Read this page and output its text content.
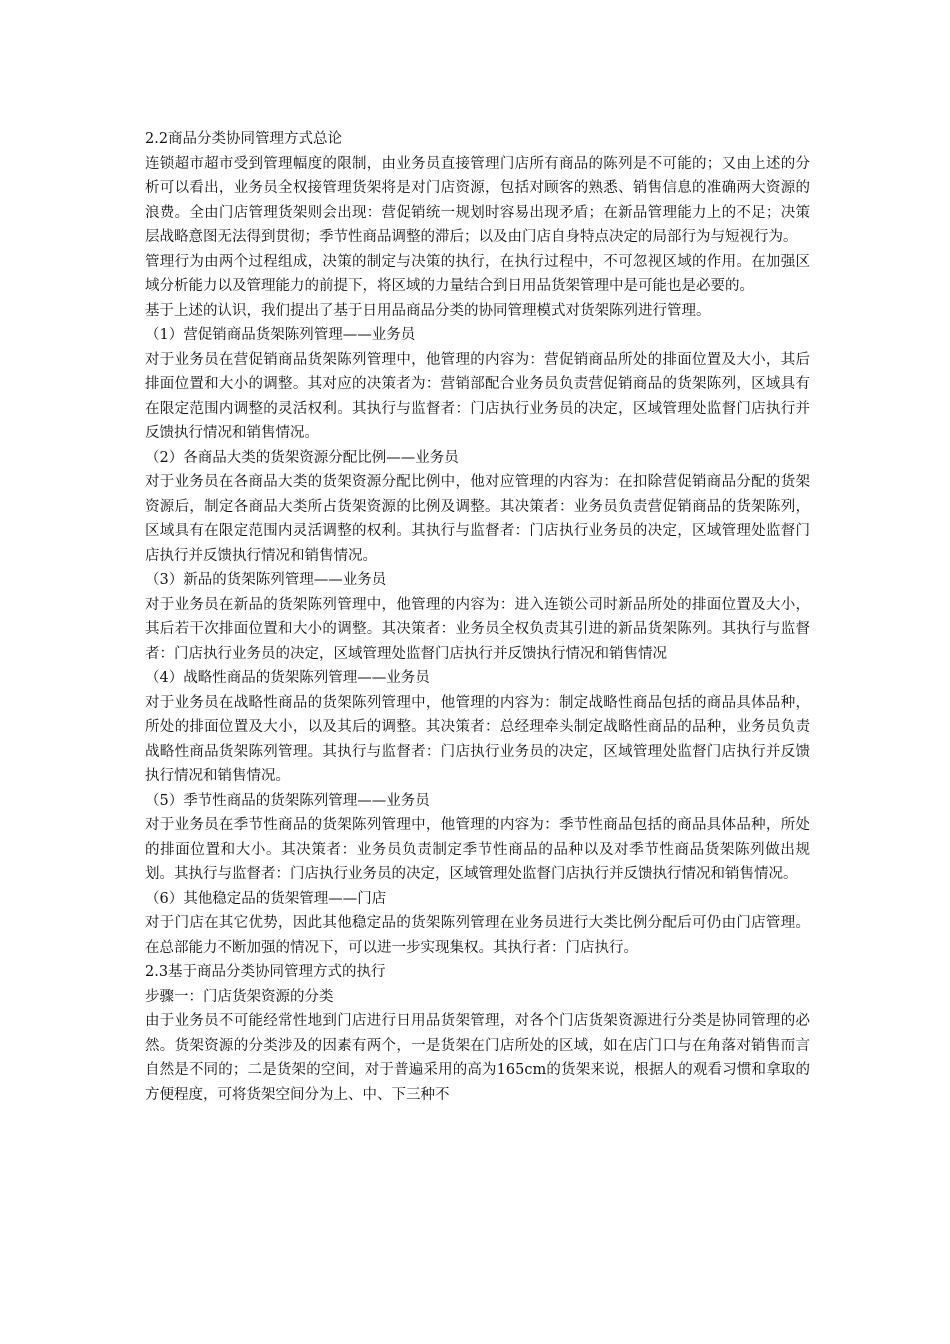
2.2商品分类协同管理方式总论

连锁超市超市受到管理幅度的限制，由业务员直接管理门店所有商品的陈列是不可能的；又由上述的分析可以看出，业务员全权接管理货架将是对门店资源，包括对顾客的熟悉、销售信息的准确两大资源的浪费。全由门店管理货架则会出现：营促销统一规划时容易出现矛盾；在新品管理能力上的不足；决策层战略意图无法得到贯彻；季节性商品调整的滞后；以及由门店自身特点决定的局部行为与短视行为。

管理行为由两个过程组成，决策的制定与决策的执行，在执行过程中，不可忽视区域的作用。在加强区域分析能力以及管理能力的前提下，将区域的力量结合到日用品货架管理中是可能也是必要的。

基于上述的认识，我们提出了基于日用品商品分类的协同管理模式对货架陈列进行管理。

（1）营促销商品货架陈列管理——业务员

对于业务员在营促销商品货架陈列管理中，他管理的内容为：营促销商品所处的排面位置及大小，其后排面位置和大小的调整。其对应的决策者为：营销部配合业务员负责营促销商品的货架陈列，区域具有在限定范围内调整的灵活权利。其执行与监督者：门店执行业务员的决定，区域管理处监督门店执行并反馈执行情况和销售情况。

（2）各商品大类的货架资源分配比例——业务员

对于业务员在各商品大类的货架资源分配比例中，他对应管理的内容为：在扣除营促销商品分配的货架资源后，制定各商品大类所占货架资源的比例及调整。其决策者：业务员负责营促销商品的货架陈列，区域具有在限定范围内灵活调整的权利。其执行与监督者：门店执行业务员的决定，区域管理处监督门店执行并反馈执行情况和销售情况。

（3）新品的货架陈列管理——业务员

对于业务员在新品的货架陈列管理中，他管理的内容为：进入连锁公司时新品所处的排面位置及大小，其后若干次排面位置和大小的调整。其决策者：业务员全权负责其引进的新品货架陈列。其执行与监督者：门店执行业务员的决定，区域管理处监督门店执行并反馈执行情况和销售情况

（4）战略性商品的货架陈列管理——业务员

对于业务员在战略性商品的货架陈列管理中，他管理的内容为：制定战略性商品包括的商品具体品种，所处的排面位置及大小，以及其后的调整。其决策者：总经理牵头制定战略性商品的品种，业务员负责战略性商品货架陈列管理。其执行与监督者：门店执行业务员的决定，区域管理处监督门店执行并反馈执行情况和销售情况。

（5）季节性商品的货架陈列管理——业务员

对于业务员在季节性商品的货架陈列管理中，他管理的内容为：季节性商品包括的商品具体品种，所处的排面位置和大小。其决策者：业务员负责制定季节性商品的品种以及对季节性商品货架陈列做出规划。其执行与监督者：门店执行业务员的决定，区域管理处监督门店执行并反馈执行情况和销售情况。

（6）其他稳定品的货架管理——门店

对于门店在其它优势，因此其他稳定品的货架陈列管理在业务员进行大类比例分配后可仍由门店管理。在总部能力不断加强的情况下，可以进一步实现集权。其执行者：门店执行。

2.3基于商品分类协同管理方式的执行

步骤一：门店货架资源的分类

由于业务员不可能经常性地到门店进行日用品货架管理，对各个门店货架资源进行分类是协同管理的必然。货架资源的分类涉及的因素有两个，一是货架在门店所处的区域，如在店门口与在角落对销售而言自然是不同的；二是货架的空间，对于普遍采用的高为165cm的货架来说，根据人的观看习惯和拿取的方便程度，可将货架空间分为上、中、下三种不
